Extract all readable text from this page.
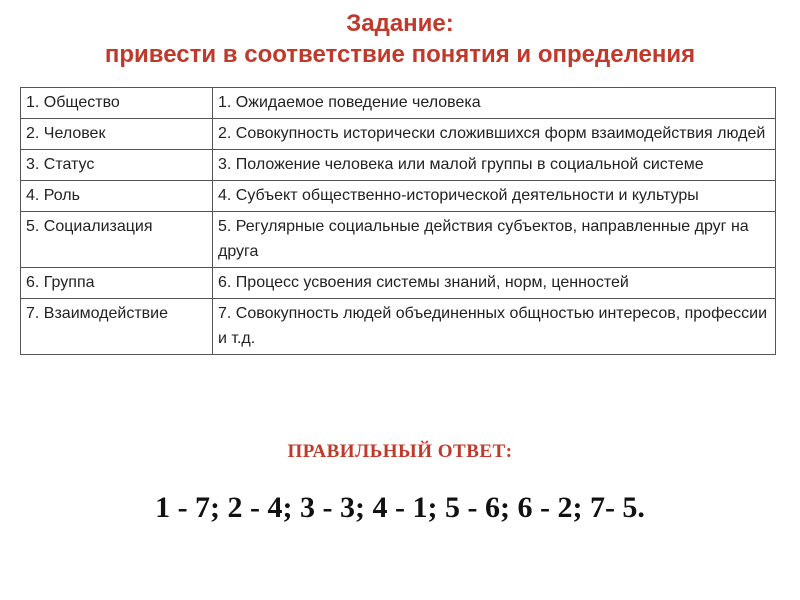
Задание:
привести в соответствие понятия и определения
1. Общество	1. Ожидаемое поведение человека
2. Человек	2. Совокупность исторически сложившихся форм взаимодействия людей
3. Статус	3. Положение человека или малой группы в социальной системе
4. Роль	4. Субъект общественно-исторической деятельности и культуры
5. Социализация	5. Регулярные социальные действия субъектов, направленные друг на друга
6. Группа	6. Процесс усвоения системы знаний, норм, ценностей
7. Взаимодействие	7. Совокупность людей объединенных общностью интересов, профессии и т.д.
ПРАВИЛЬНЫЙ ОТВЕТ:
1 - 7; 2 - 4; 3 - 3; 4 - 1; 5 - 6; 6 - 2; 7- 5.
